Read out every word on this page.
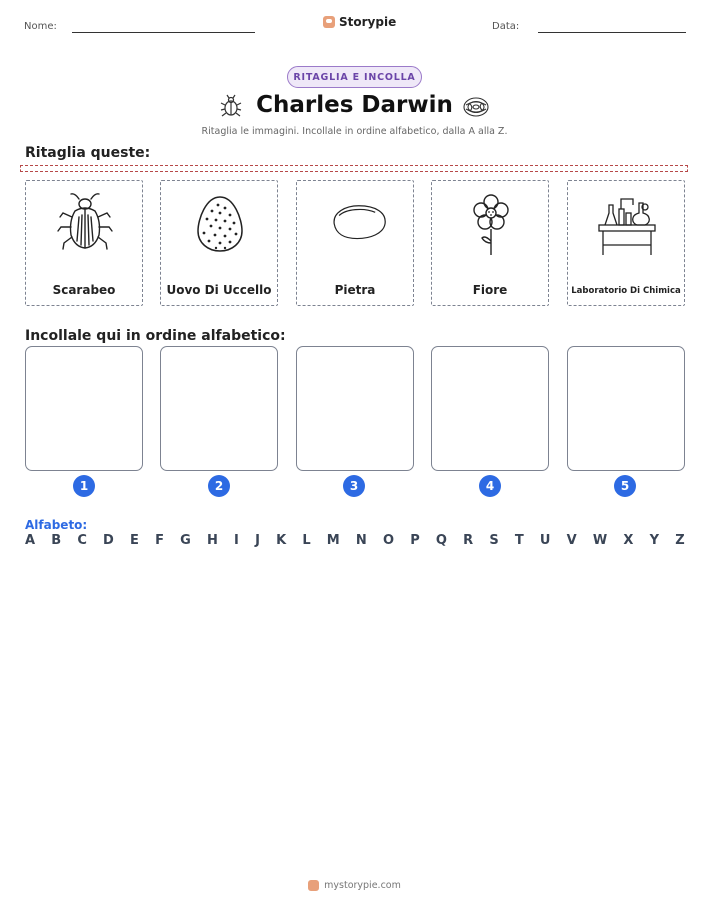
Nome:	Storypie	Data:
RITAGLIA E INCOLLA
Charles Darwin
Ritaglia le immagini. Incollale in ordine alfabetico, dalla A alla Z.
Ritaglia queste:
Scarabeo	Uovo Di Uccello	Pietra	Fiore	Laboratorio Di Chimica
Incollale qui in ordine alfabetico:
1	2	3	4	5
Alfabeto:
A B C D E F G H I J K L M N O P Q R S T U V W X Y Z
mystorypie.com
